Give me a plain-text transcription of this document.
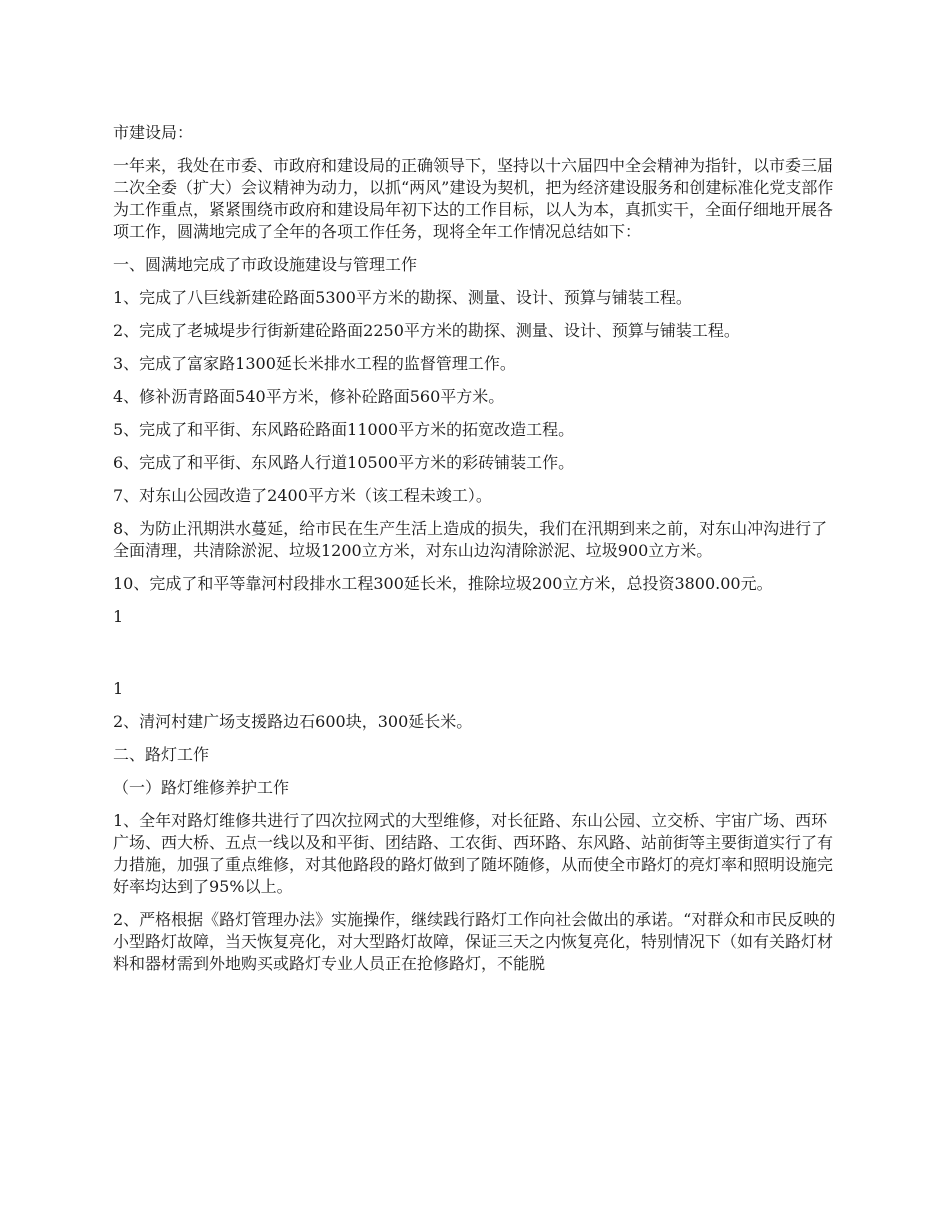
市建设局：

一年来，我处在市委、市政府和建设局的正确领导下，坚持以十六届四中全会精神为指针，以市委三届二次全委（扩大）会议精神为动力，以抓“两风”建设为契机，把为经济建设服务和创建标准化党支部作为工作重点，紧紧围绕市政府和建设局年初下达的工作目标，以人为本，真抓实干，全面仔细地开展各项工作，圆满地完成了全年的各项工作任务，现将全年工作情况总结如下：

一、圆满地完成了市政设施建设与管理工作

1、完成了八巨线新建砼路面5300平方米的勘探、测量、设计、预算与铺装工程。

2、完成了老城堤步行街新建砼路面2250平方米的勘探、测量、设计、预算与铺装工程。

3、完成了富家路1300延长米排水工程的监督管理工作。

4、修补沥青路面540平方米，修补砼路面560平方米。

5、完成了和平街、东风路砼路面11000平方米的拓宽改造工程。

6、完成了和平街、东风路人行道10500平方米的彩砖铺装工作。

7、对东山公园改造了2400平方米（该工程未竣工）。

8、为防止汛期洪水蔓延，给市民在生产生活上造成的损失，我们在汛期到来之前，对东山冲沟进行了全面清理，共清除淤泥、垃圾1200立方米，对东山边沟清除淤泥、垃圾900立方米。

10、完成了和平等靠河村段排水工程300延长米，推除垃圾200立方米，总投资3800.00元。

1

1

2、清河村建广场支援路边石600块，300延长米。

二、路灯工作

（一）路灯维修养护工作

1、全年对路灯维修共进行了四次拉网式的大型维修，对长征路、东山公园、立交桥、宇宙广场、西环广场、西大桥、五点一线以及和平街、团结路、工农街、西环路、东风路、站前街等主要街道实行了有力措施，加强了重点维修，对其他路段的路灯做到了随坏随修，从而使全市路灯的亮灯率和照明设施完好率均达到了95%以上。

2、严格根据《路灯管理办法》实施操作，继续践行路灯工作向社会做出的承诺。“对群众和市民反映的小型路灯故障，当天恢复亮化，对大型路灯故障，保证三天之内恢复亮化，特别情况下（如有关路灯材料和器材需到外地购买或路灯专业人员正在抢修路灯，不能脱
